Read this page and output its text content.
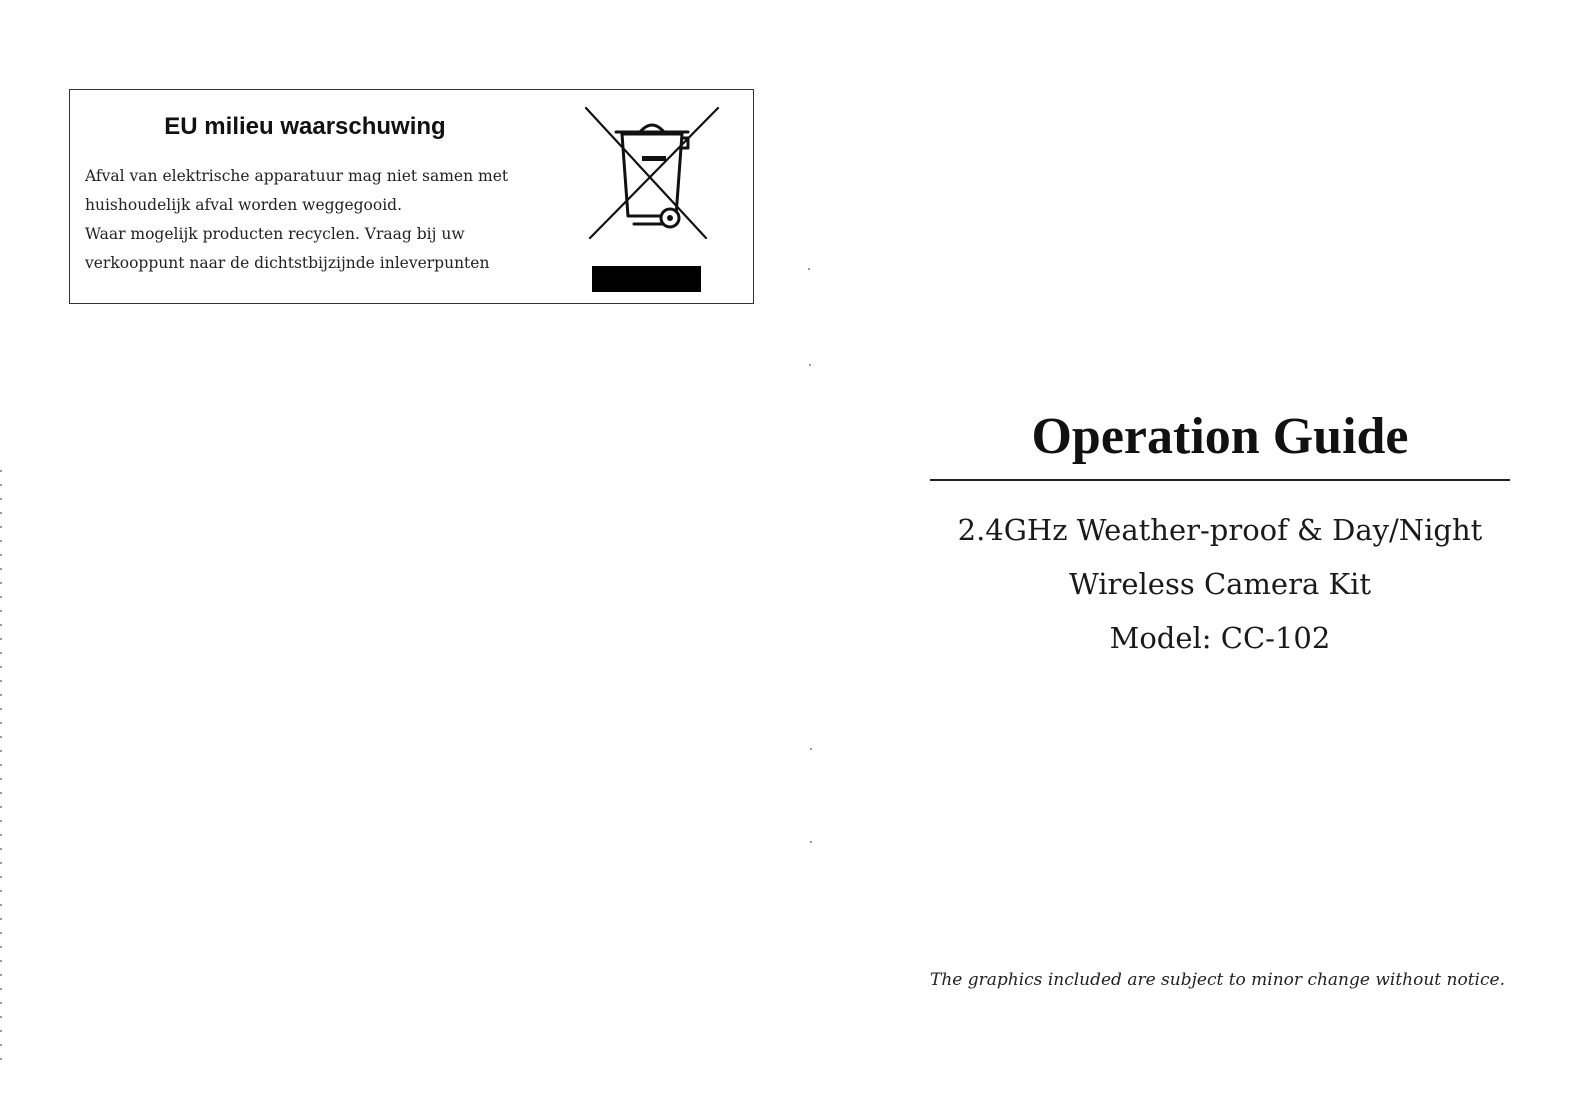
EU milieu waarschuwing
Afval van elektrische apparatuur mag niet samen met
huishoudelijk afval worden weggegooid.
Waar mogelijk producten recyclen. Vraag bij uw
verkooppunt naar de dichtstbijzijnde inleverpunten
Operation Guide
2.4GHz Weather-proof & Day/Night
Wireless Camera Kit
Model: CC-102
The graphics included are subject to minor change without notice.
